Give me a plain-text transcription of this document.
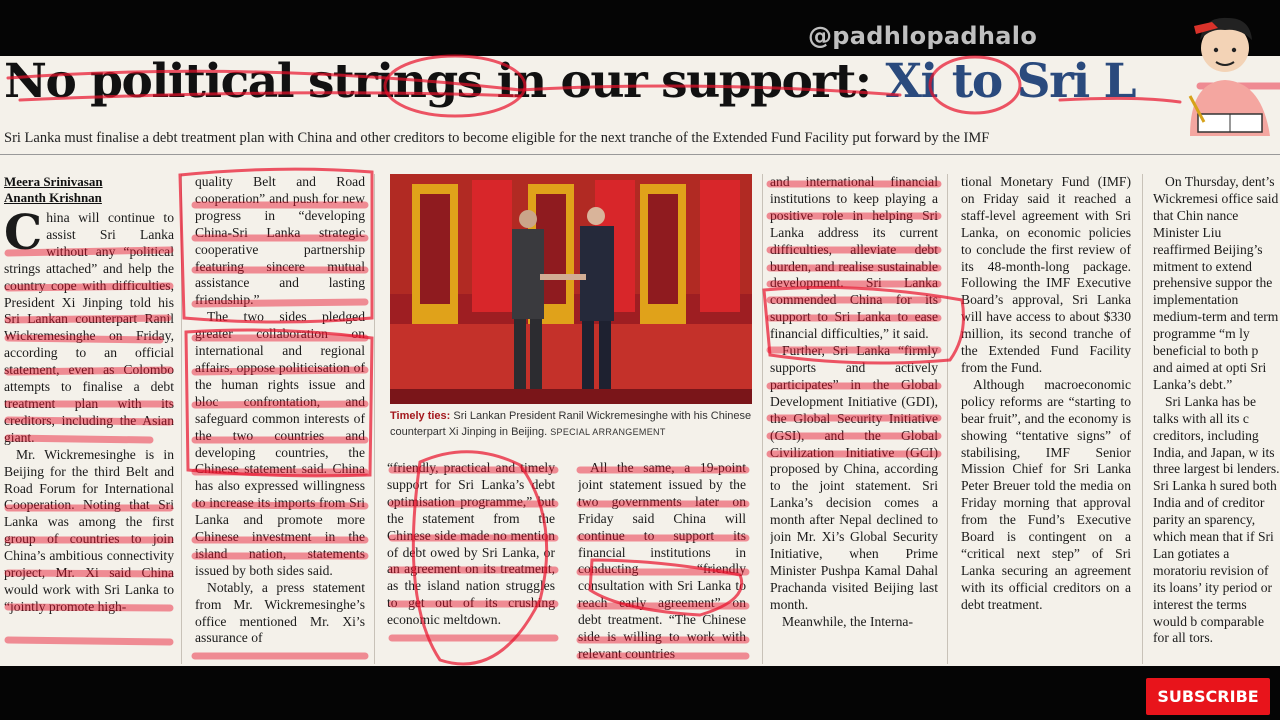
@padhlopadhalo
No political strings in our support: Xi to Sri L
Sri Lanka must finalise a debt treatment plan with China and other creditors to become eligible for the next tranche of the Extended Fund Facility put forward by the IMF
Meera Srinivasan
Ananth Krishnan

China will continue to assist Sri Lanka without any “political strings attached” and help the country cope with difficulties, President Xi Jinping told his Sri Lankan counterpart Ranil Wickremesinghe on Friday, according to an official statement, even as Colombo attempts to finalise a debt treatment plan with its creditors, including the Asian giant.

Mr. Wickremesinghe is in Beijing for the third Belt and Road Forum for International Cooperation. Noting that Sri Lanka was among the first group of countries to join China’s ambitious connectivity project, Mr. Xi said China would work with Sri Lanka to “jointly promote high-

quality Belt and Road cooperation” and push for new progress in “developing China-Sri Lanka strategic cooperative partnership featuring sincere mutual assistance and lasting friendship.”

The two sides pledged greater collaboration on international and regional affairs, oppose politicisation of the human rights issue and bloc confrontation, and safeguard common interests of the two countries and developing countries, the Chinese statement said. China has also expressed willingness to increase its imports from Sri Lanka and promote more Chinese investment in the island nation, statements issued by both sides said.

Notably, a press statement from Mr. Wickremesinghe’s office mentioned Mr. Xi’s assurance of

Timely ties: Sri Lankan President Ranil Wickremesinghe with his Chinese counterpart Xi Jinping in Beijing. SPECIAL ARRANGEMENT

“friendly, practical and timely support for Sri Lanka’s debt optimisation programme,” but the statement from the Chinese side made no mention of debt owed by Sri Lanka, or an agreement on its treatment, as the island nation struggles to get out of its crushing economic meltdown.

All the same, a 19-point joint statement issued by the two governments later on Friday said China will continue to support its financial institutions in conducting “friendly consultation with Sri Lanka to reach early agreement” on debt treatment. “The Chinese side is willing to work with relevant countries

and international financial institutions to keep playing a positive role in helping Sri Lanka address its current difficulties, alleviate debt burden, and realise sustainable development. Sri Lanka commended China for its support to Sri Lanka to ease financial difficulties,” it said.

Further, Sri Lanka “firmly supports and actively participates” in the Global Development Initiative (GDI), the Global Security Initiative (GSI), and the Global Civilization Initiative (GCI) proposed by China, according to the joint statement. Sri Lanka’s decision comes a month after Nepal declined to join Mr. Xi’s Global Security Initiative, when Prime Minister Pushpa Kamal Dahal Prachanda visited Beijing last month.

Meanwhile, the Interna-

tional Monetary Fund (IMF) on Friday said it reached a staff-level agreement with Sri Lanka, on economic policies to conclude the first review of its 48-month-long package. Following the IMF Executive Board’s approval, Sri Lanka will have access to about $330 million, its second tranche of the Extended Fund Facility from the Fund.

Although macroeconomic policy reforms are “starting to bear fruit”, and the economy is showing “tentative signs” of stabilising, IMF Senior Mission Chief for Sri Lanka Peter Breuer told the media on Friday morning that approval from the Fund’s Executive Board is contingent on a “critical next step” of Sri Lanka securing an agreement with its official creditors on a debt treatment.

On Thursday, dent’s Wickremesi office said that Chin nance Minister Liu reaffirmed Beijing’s mitment to extend prehensive suppor the implementation medium-term and term programme “m ly beneficial to both p and aimed at opti Sri Lanka’s debt.”

Sri Lanka has be talks with all its c creditors, including India, and Japan, w its three largest bi lenders. Sri Lanka h sured both India and of creditor parity an sparency, which mean that if Sri Lan gotiates a moratoriu revision of its loans’ ity period or interest the terms would b comparable for all tors.

SUBSCRIBE
